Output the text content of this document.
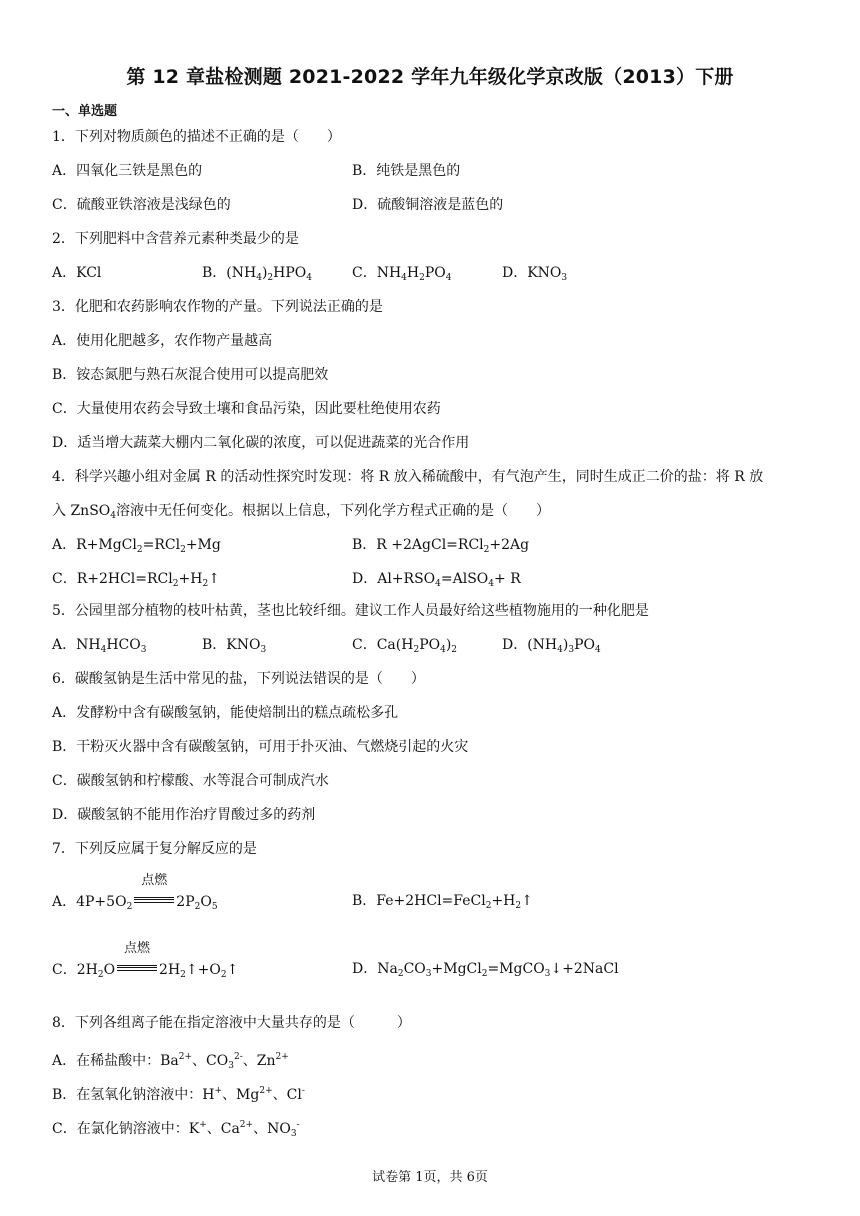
第 12 章盐检测题 2021-2022 学年九年级化学京改版（2013）下册
一、单选题
1．下列对物质颜色的描述不正确的是（　　）
A．四氧化三铁是黑色的	B．纯铁是黑色的
C．硫酸亚铁溶液是浅绿色的	D．硫酸铜溶液是蓝色的
2．下列肥料中含营养元素种类最少的是
A．KCl	B．$(NH_4)_2HPO_4$	C．$NH_4H_2PO_4$	D．$KNO_3$
3．化肥和农药影响农作物的产量。下列说法正确的是
A．使用化肥越多，农作物产量越高
B．铵态氮肥与熟石灰混合使用可以提高肥效
C．大量使用农药会导致土壤和食品污染，因此要杜绝使用农药
D．适当增大蔬菜大棚内二氧化碳的浓度，可以促进蔬菜的光合作用
4．科学兴趣小组对金属 R 的活动性探究时发现：将 R 放入稀硫酸中，有气泡产生，同时生成正二价的盐：将 R 放
入 ZnSO$_4$溶液中无任何变化。根据以上信息，下列化学方程式正确的是（　　）
A．R+MgCl$_2$=RCl$_2$+Mg	B．R +2AgCl=RCl$_2$+2Ag
C．$R+2HCl=RCl_2+H_2↑$	D．$Al+RSO_4=AlSO_4+ R$
5．公园里部分植物的枝叶枯黄，茎也比较纤细。建议工作人员最好给这些植物施用的一种化肥是
A．$NH_4HCO_3$	B．$KNO_3$	C．$Ca(H_2PO_4)_2$	D．$(NH_4)_3PO_4$
6．碳酸氢钠是生活中常见的盐，下列说法错误的是（　　）
A．发酵粉中含有碳酸氢钠，能使焙制出的糕点疏松多孔
B．干粉灭火器中含有碳酸氢钠，可用于扑灭油、气燃烧引起的火灾
C．碳酸氢钠和柠檬酸、水等混合可制成汽水
D．碳酸氢钠不能用作治疗胃酸过多的药剂
7．下列反应属于复分解反应的是
A．$4P+5O_2$
点燃
$2P_2O_5$	B．$Fe+2HCl=FeCl_2+H_2↑$
C．$2H_2O$
点燃
$2H_2↑+O_2↑$	D．$Na_2CO_3+MgCl_2=MgCO_3↓+2NaCl$
8．下列各组离子能在指定溶液中大量共存的是（　　　）
A．在稀盐酸中：$Ba^{2+}$、$CO_3^{2-}$、$Zn^{2+}$
B．在氢氧化钠溶液中：H+、$Mg^{2+}$、Cl-
C．在氯化钠溶液中：K+、$Ca^{2+}$、$NO_3^-$
试卷第 1页，共 6页
